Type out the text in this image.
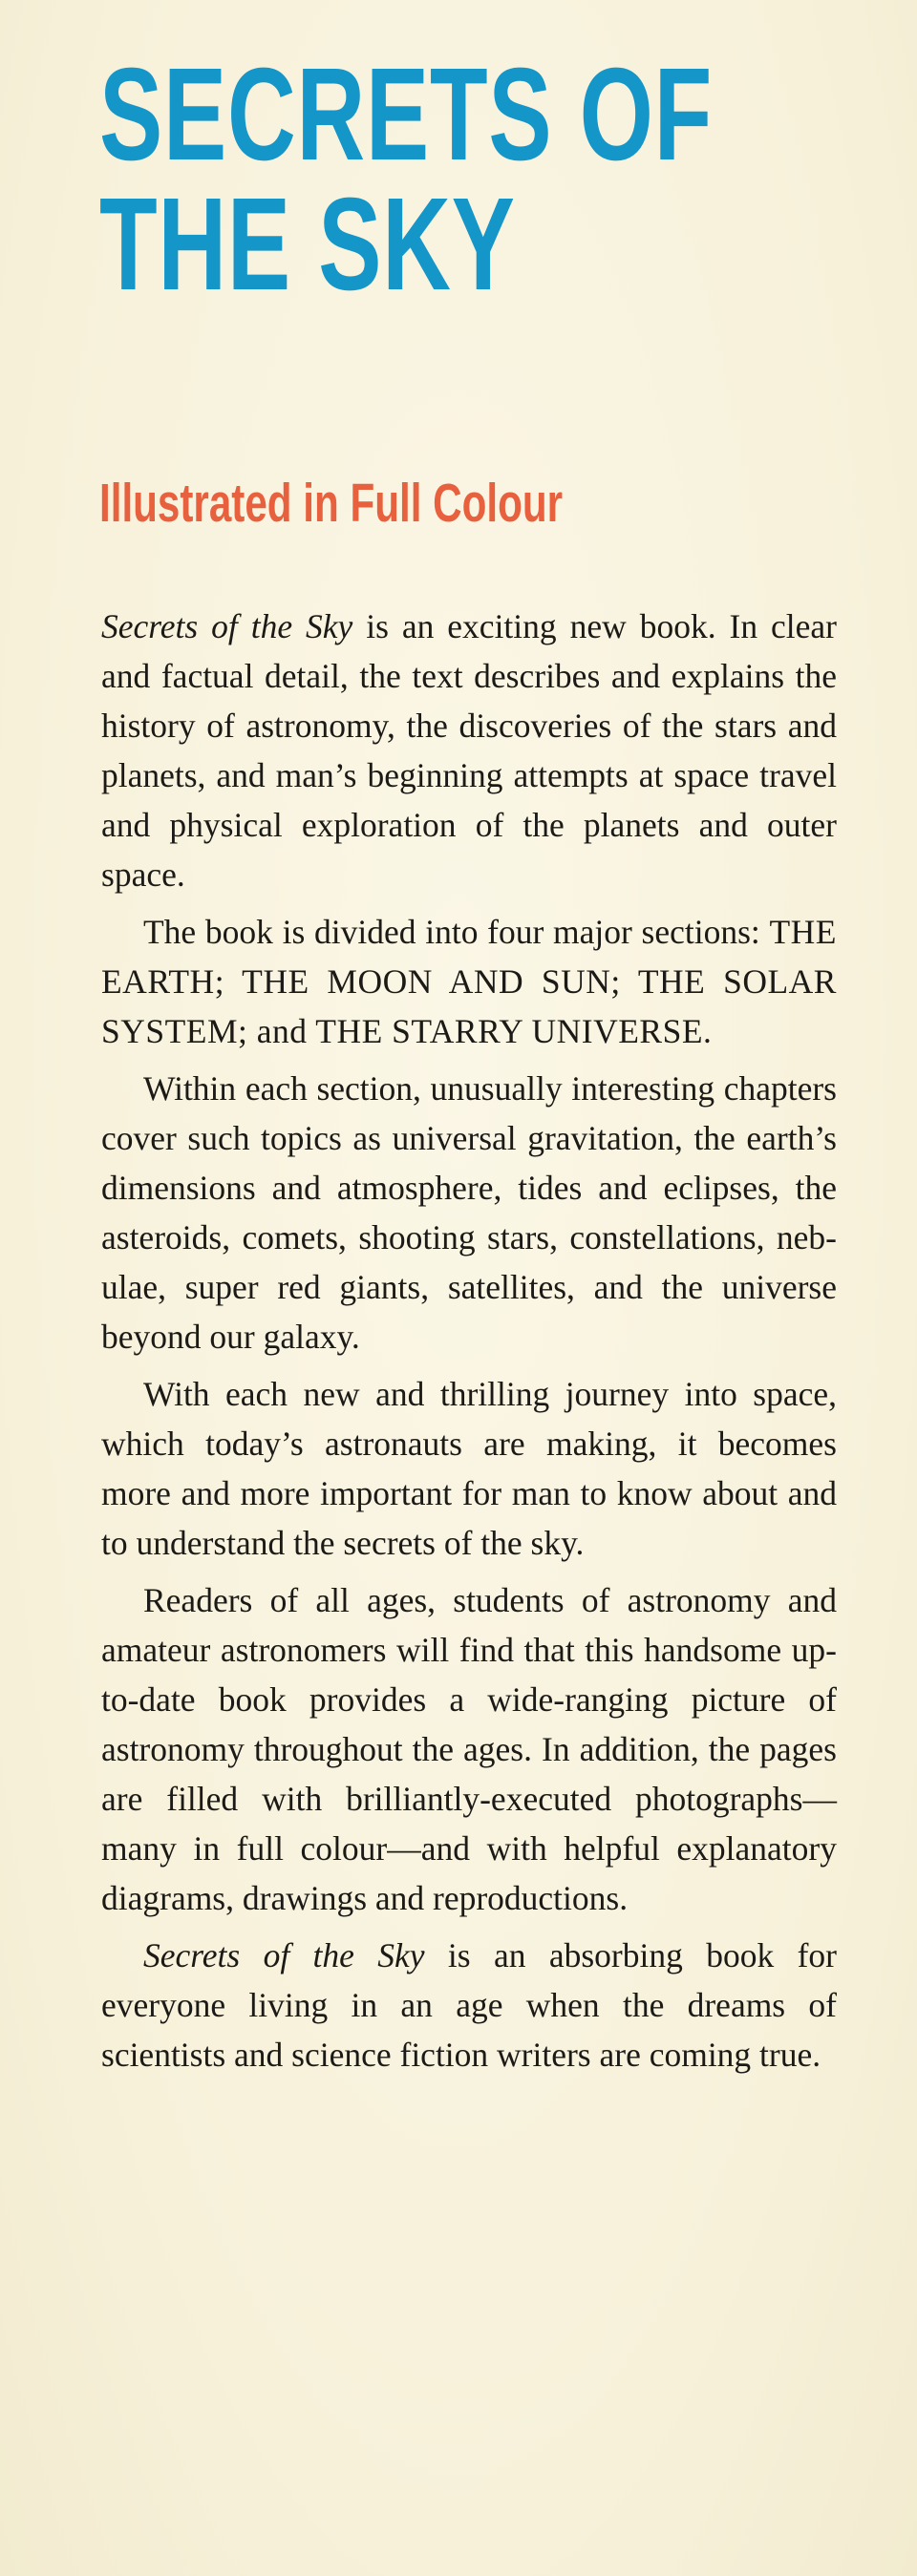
SECRETS OF
THE SKY
Illustrated in Full Colour

Secrets of the Sky is an exciting new book. In clear and factual detail, the text describes and explains the history of astronomy, the discoveries of the stars and planets, and man’s beginning attempts at space travel and physical exploration of the planets and outer space.

The book is divided into four major sections: THE EARTH; THE MOON AND SUN; THE SOLAR SYSTEM; and THE STARRY UNIVERSE.

Within each section, unusually interesting chapters cover such topics as universal gravitation, the earth’s dimensions and atmosphere, tides and eclipses, the asteroids, comets, shooting stars, constellations, nebulae, super red giants, satellites, and the universe beyond our galaxy.

With each new and thrilling journey into space, which today’s astronauts are making, it becomes more and more important for man to know about and to understand the secrets of the sky.

Readers of all ages, students of astronomy and amateur astronomers will find that this handsome up-to-date book provides a wide-ranging picture of astronomy throughout the ages. In addition, the pages are filled with brilliantly-executed photographs—many in full colour—and with helpful explanatory diagrams, drawings and reproductions.

Secrets of the Sky is an absorbing book for everyone living in an age when the dreams of scientists and science fiction writers are coming true.
